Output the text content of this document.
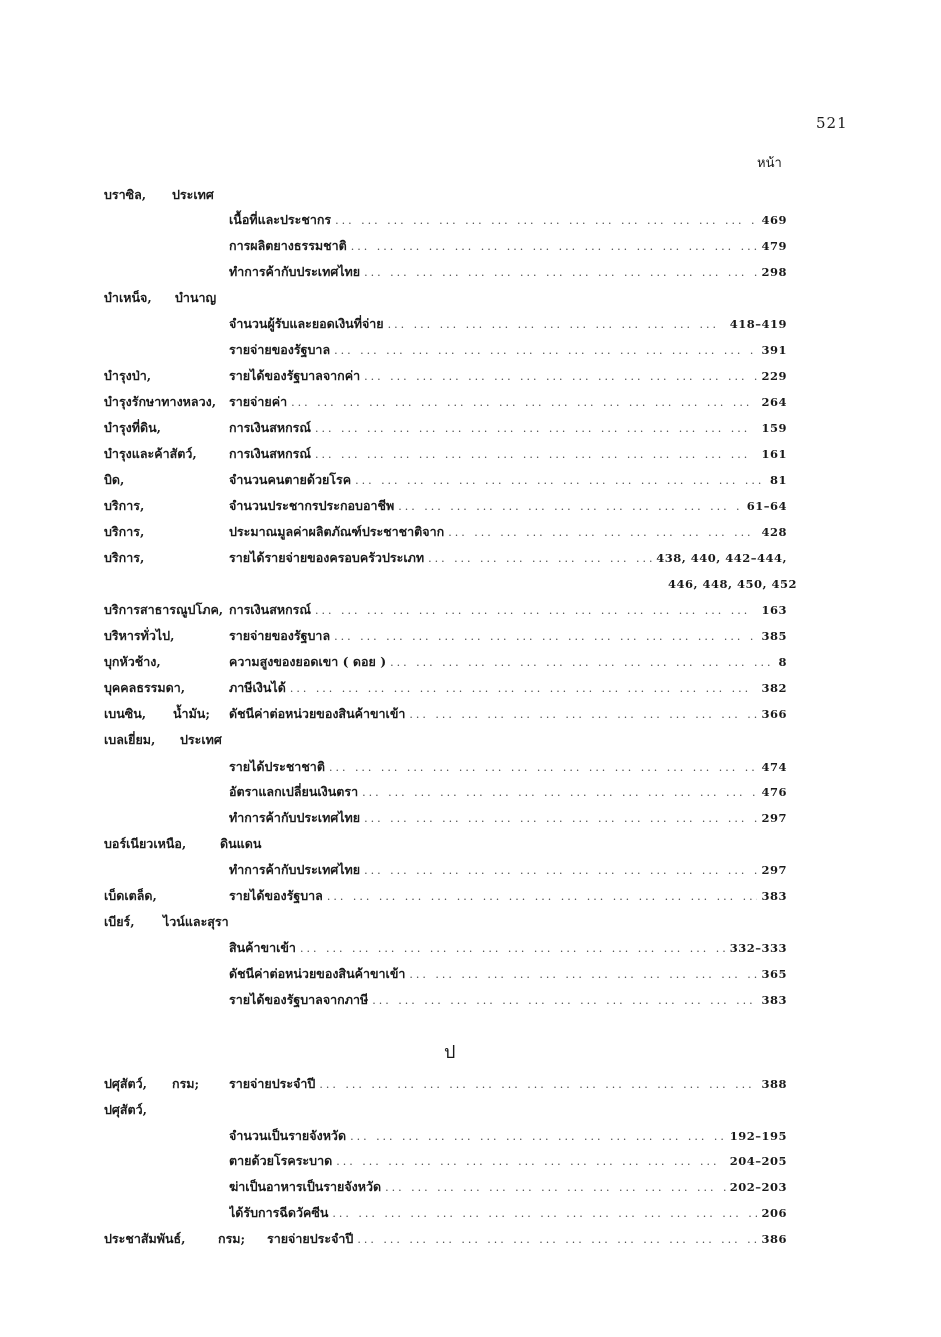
521
หน้า
ป
บราซิล, ประเทศ
เนื้อที่และประชากร ... .	469
การผลิตยางธรรมชาติ ... .	479
ทำการค้ากับประเทศไทย ... .	298
บำเหน็จ, บำนาญ
จำนวนผู้รับและยอดเงินที่จ่าย ... .	418–419
รายจ่ายของรัฐบาล ... .	391
บำรุงป่า,	รายได้ของรัฐบาลจากค่า ... .	229
บำรุงรักษาทางหลวง, รายจ่ายค่า ... .	264
บำรุงที่ดิน,	การเงินสหกรณ์ ... .	159
บำรุงและค้าสัตว์,	การเงินสหกรณ์ ... .	161
บิด,	จำนวนคนตายด้วยโรค ... .	81
บริการ,	จำนวนประชากรประกอบอาชีพ ... .	61–64
บริการ,	ประมาณมูลค่าผลิตภัณฑ์ประชาชาติจาก ... .	428
บริการ,	รายได้รายจ่ายของครอบครัวประเภท ... .	438, 440, 442–444,
446, 448, 450, 452
บริการสาธารณูปโภค, การเงินสหกรณ์ ... .	163
บริหารทั่วไป,	รายจ่ายของรัฐบาล ... .	385
บุกหัวช้าง,	ความสูงของยอดเขา ( ดอย ) ... .	8
บุคคลธรรมดา,	ภาษีเงินได้ ... .	382
เบนซิน, น้ำมัน; ดัชนีค่าต่อหน่วยของสินค้าขาเข้า ... .	366
เบลเยี่ยม, ประเทศ
รายได้ประชาชาติ ... .	474
อัตราแลกเปลี่ยนเงินตรา ... .	476
ทำการค้ากับประเทศไทย ... .	297
บอร์เนียวเหนือ,	ดินแดน
ทำการค้ากับประเทศไทย ... .	297
เบ็ดเตล็ด,	รายได้ของรัฐบาล ... .	383
เบียร์, ไวน์และสุรา
สินค้าขาเข้า ... .	332–333
ดัชนีค่าต่อหน่วยของสินค้าขาเข้า ... .	365
รายได้ของรัฐบาลจากภาษี ... .	383
ปศุสัตว์, กรม; รายจ่ายประจำปี ... .	388
ปศุสัตว์,
จำนวนเป็นรายจังหวัด ... .	192–195
ตายด้วยโรคระบาด ... .	204–205
ฆ่าเป็นอาหารเป็นรายจังหวัด ... .	202–203
ได้รับการฉีดวัคซีน ... .	206
ประชาสัมพันธ์,	กรม; รายจ่ายประจำปี ... .	386
